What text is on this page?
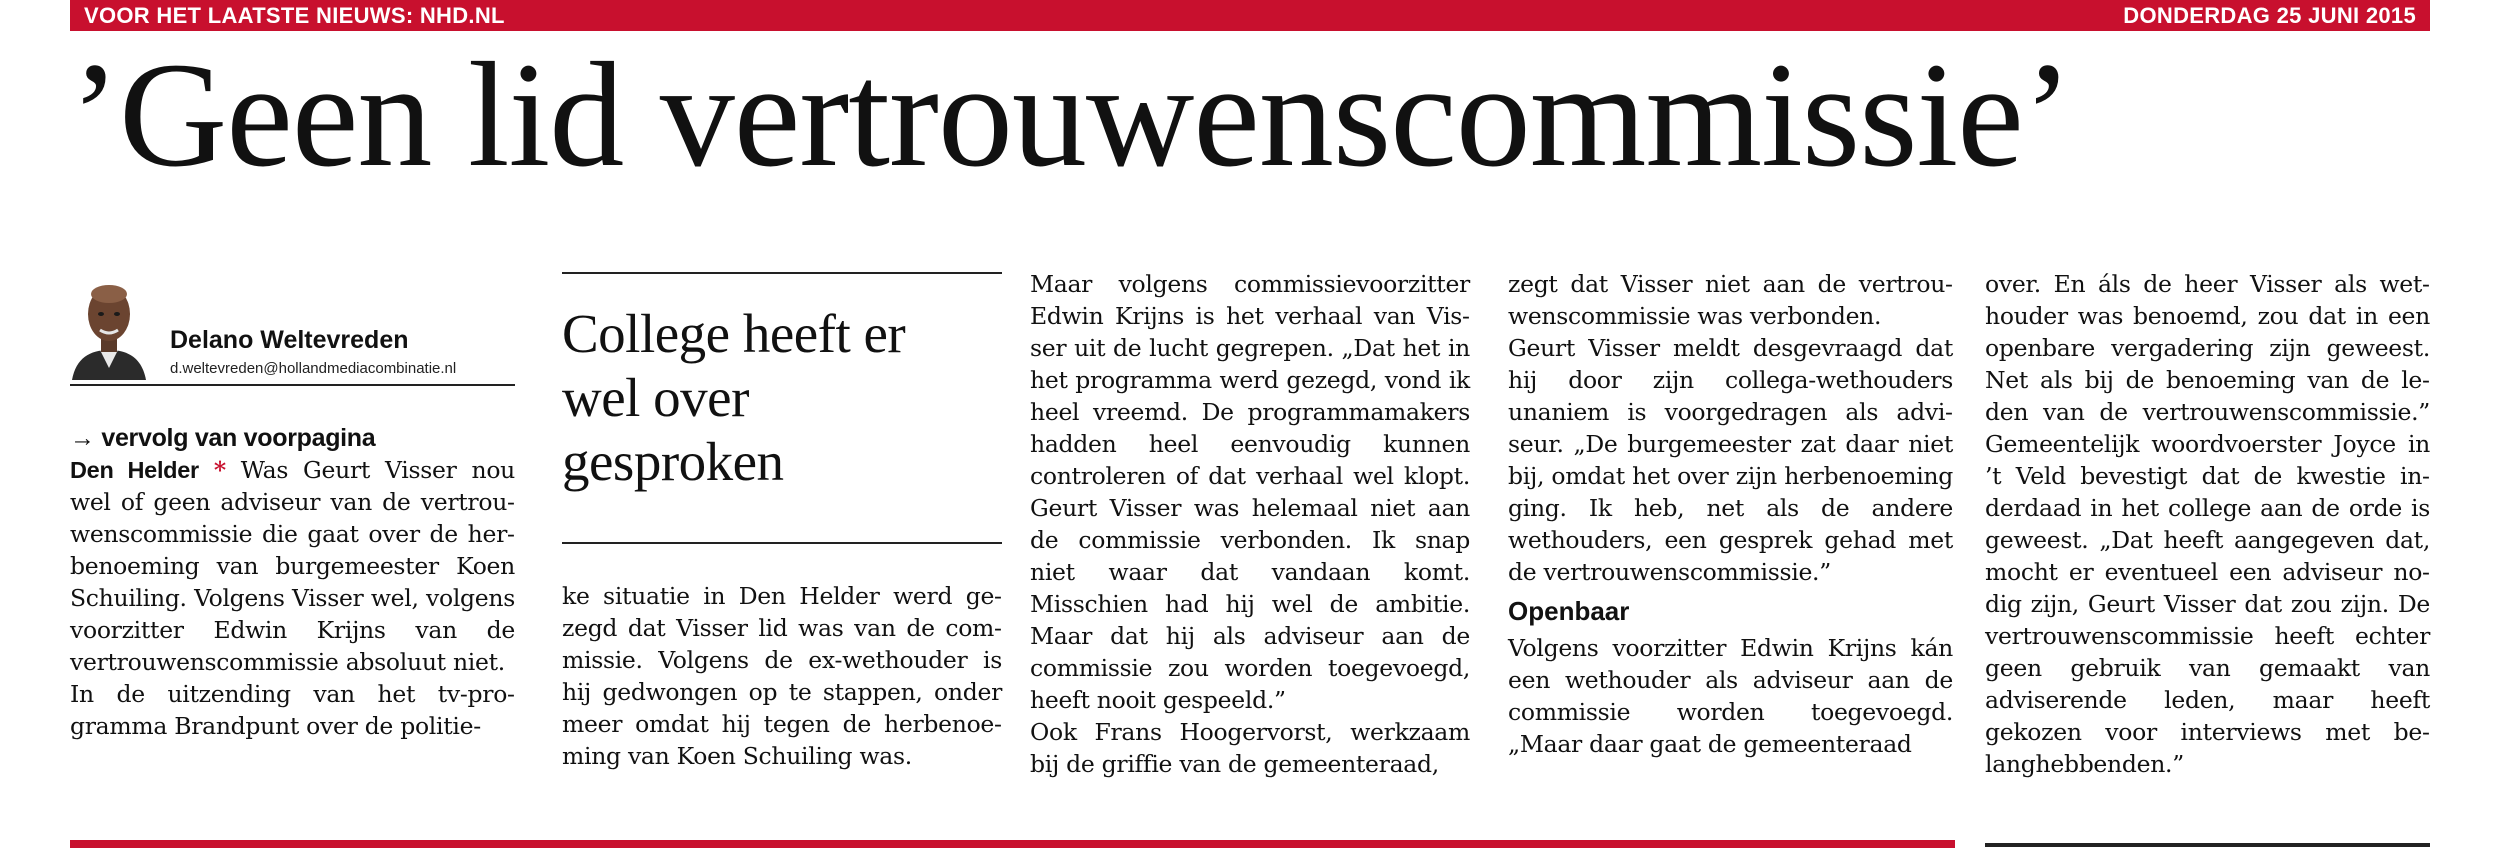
VOOR HET LAATSTE NIEUWS: NHD.NL	DONDERDAG 25 JUNI 2015
’Geen lid vertrouwenscommissie’
Delano Weltevreden
d.weltevreden@hollandmediacombinatie.nl

→ vervolg van voorpagina

Den Helder * Was Geurt Visser nou wel of geen adviseur van de vertrouwenscommissie die gaat over de herbenoeming van burgemeester Koen Schuiling. Volgens Visser wel, volgens voorzitter Edwin Krijns van de vertrouwenscommissie absoluut niet.

In de uitzending van het tv-programma Brandpunt over de politie-

College heeft er wel over gesproken

ke situatie in Den Helder werd gezegd dat Visser lid was van de commissie. Volgens de ex-wethouder is hij gedwongen op te stappen, onder meer omdat hij tegen de herbenoeming van Koen Schuiling was.

Maar volgens commissievoorzitter Edwin Krijns is het verhaal van Visser uit de lucht gegrepen. „Dat het in het programma werd gezegd, vond ik heel vreemd. De programmamakers hadden heel eenvoudig kunnen controleren of dat verhaal wel klopt. Geurt Visser was helemaal niet aan de commissie verbonden. Ik snap niet waar dat vandaan komt. Misschien had hij wel de ambitie. Maar dat hij als adviseur aan de commissie zou worden toegevoegd, heeft nooit gespeeld.”

Ook Frans Hoogervorst, werkzaam bij de griffie van de gemeenteraad,

zegt dat Visser niet aan de vertrouwenscommissie was verbonden.

Geurt Visser meldt desgevraagd dat hij door zijn collega-wethouders unaniem is voorgedragen als adviseur. „De burgemeester zat daar niet bij, omdat het over zijn herbenoeming ging. Ik heb, net als de andere wethouders, een gesprek gehad met de vertrouwenscommissie.”

Openbaar

Volgens voorzitter Edwin Krijns kán een wethouder als adviseur aan de commissie worden toegevoegd. „Maar daar gaat de gemeenteraad

over. En áls de heer Visser als wethouder was benoemd, zou dat in een openbare vergadering zijn geweest. Net als bij de benoeming van de leden van de vertrouwenscommissie.” Gemeentelijk woordvoerster Joyce in ’t Veld bevestigt dat de kwestie inderdaad in het college aan de orde is geweest. „Dat heeft aangegeven dat, mocht er eventueel een adviseur nodig zijn, Geurt Visser dat zou zijn. De vertrouwenscommissie heeft echter geen gebruik van gemaakt van adviserende leden, maar heeft gekozen voor interviews met belanghebbenden.”
